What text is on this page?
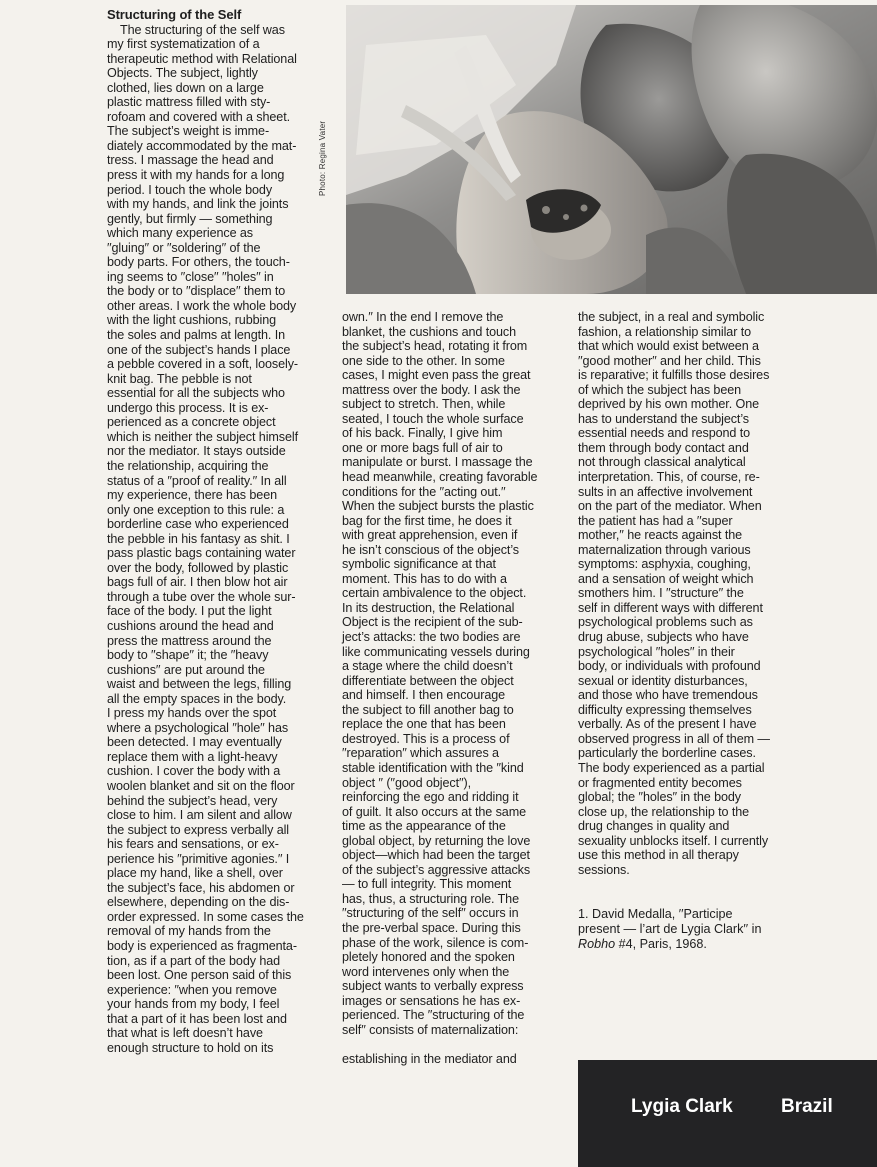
Structuring of the Self
The structuring of the self was
my first systematization of a
therapeutic method with Relational
Objects. The subject, lightly
clothed, lies down on a large
plastic mattress filled with sty-
rofoam and covered with a sheet.
The subject’s weight is imme-
diately accommodated by the mat-
tress. I massage the head and
press it with my hands for a long
period. I touch the whole body
with my hands, and link the joints
gently, but firmly — something
which many experience as
′′gluing′′ or ′′soldering′′ of the
body parts. For others, the touch-
ing seems to ′′close′′ ′′holes′′ in
the body or to ′′displace′′ them to
other areas. I work the whole body
with the light cushions, rubbing
the soles and palms at length. In
one of the subject’s hands I place
a pebble covered in a soft, loosely-
knit bag. The pebble is not
essential for all the subjects who
undergo this process. It is ex-
perienced as a concrete object
which is neither the subject himself
nor the mediator. It stays outside
the relationship, acquiring the
status of a ′′proof of reality.′′ In all
my experience, there has been
only one exception to this rule: a
borderline case who experienced
the pebble in his fantasy as shit. I
pass plastic bags containing water
over the body, followed by plastic
bags full of air. I then blow hot air
through a tube over the whole sur-
face of the body. I put the light
cushions around the head and
press the mattress around the
body to ′′shape′′ it; the ′′heavy
cushions′′ are put around the
waist and between the legs, filling
all the empty spaces in the body.
I press my hands over the spot
where a psychological ′′hole′′ has
been detected. I may eventually
replace them with a light-heavy
cushion. I cover the body with a
woolen blanket and sit on the floor
behind the subject’s head, very
close to him. I am silent and allow
the subject to express verbally all
his fears and sensations, or ex-
perience his ′′primitive agonies.′′ I
place my hand, like a shell, over
the subject’s face, his abdomen or
elsewhere, depending on the dis-
order expressed. In some cases the
removal of my hands from the
body is experienced as fragmenta-
tion, as if a part of the body had
been lost. One person said of this
experience: ′′when you remove
your hands from my body, I feel
that a part of it has been lost and
that what is left doesn’t have
enough structure to hold on its
Photo: Regina Vater
own.′′ In the end I remove the
blanket, the cushions and touch
the subject’s head, rotating it from
one side to the other. In some
cases, I might even pass the great
mattress over the body. I ask the
subject to stretch. Then, while
seated, I touch the whole surface
of his back. Finally, I give him
one or more bags full of air to
manipulate or burst. I massage the
head meanwhile, creating favorable
conditions for the ′′acting out.′′
When the subject bursts the plastic
bag for the first time, he does it
with great apprehension, even if
he isn’t conscious of the object’s
symbolic significance at that
moment. This has to do with a
certain ambivalence to the object.
In its destruction, the Relational
Object is the recipient of the sub-
ject’s attacks: the two bodies are
like communicating vessels during
a stage where the child doesn’t
differentiate between the object
and himself. I then encourage
the subject to fill another bag to
replace the one that has been
destroyed. This is a process of
′′reparation′′ which assures a
stable identification with the ′′kind
object ′′ (′′good object′′),
reinforcing the ego and ridding it
of guilt. It also occurs at the same
time as the appearance of the
global object, by returning the love
object—which had been the target
of the subject’s aggressive attacks
— to full integrity. This moment
has, thus, a structuring role. The
′′structuring of the self′′ occurs in
the pre-verbal space. During this
phase of the work, silence is com-
pletely honored and the spoken
word intervenes only when the
subject wants to verbally express
images or sensations he has ex-
perienced. The ′′structuring of the
self′′ consists of maternalization:

establishing in the mediator and
the subject, in a real and symbolic
fashion, a relationship similar to
that which would exist between a
′′good mother′′ and her child. This
is reparative; it fulfills those desires
of which the subject has been
deprived by his own mother. One
has to understand the subject’s
essential needs and respond to
them through body contact and
not through classical analytical
interpretation. This, of course, re-
sults in an affective involvement
on the part of the mediator. When
the patient has had a ′′super
mother,′′ he reacts against the
maternalization through various
symptoms: asphyxia, coughing,
and a sensation of weight which
smothers him. I ′′structure′′ the
self in different ways with different
psychological problems such as
drug abuse, subjects who have
psychological ′′holes′′ in their
body, or individuals with profound
sexual or identity disturbances,
and those who have tremendous
difficulty expressing themselves
verbally. As of the present I have
observed progress in all of them —
particularly the borderline cases.
The body experienced as a partial
or fragmented entity becomes
global; the ′′holes′′ in the body
close up, the relationship to the
drug changes in quality and
sexuality unblocks itself. I currently
use this method in all therapy
sessions.
1. David Medalla, ′′Participe
present — l’art de Lygia Clark′′ in
Robho #4, Paris, 1968.
Lygia Clark	Brazil
